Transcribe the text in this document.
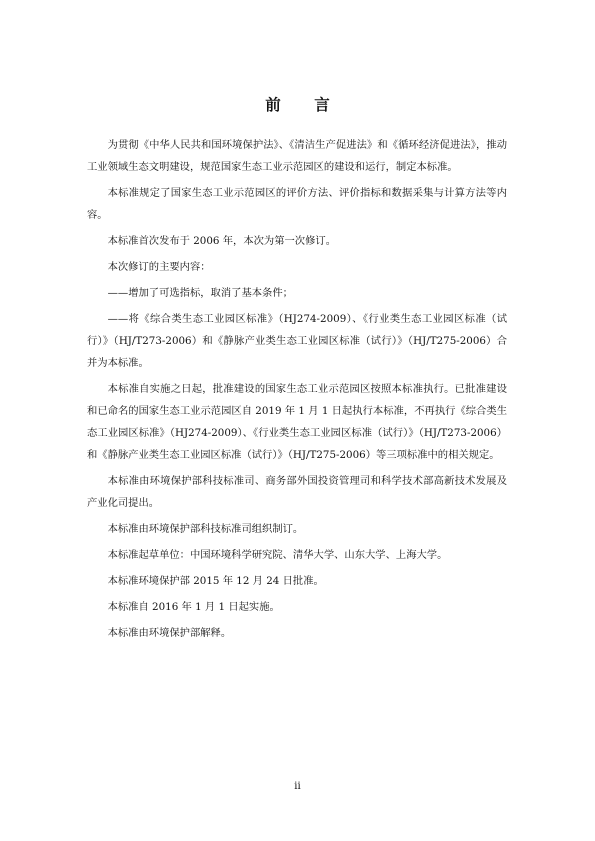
前 言

为贯彻《中华人民共和国环境保护法》、《清洁生产促进法》和《循环经济促进法》，推动工业领域生态文明建设，规范国家生态工业示范园区的建设和运行，制定本标准。

本标准规定了国家生态工业示范园区的评价方法、评价指标和数据采集与计算方法等内容。

本标准首次发布于 2006 年，本次为第一次修订。

本次修订的主要内容：

——增加了可选指标，取消了基本条件；

——将《综合类生态工业园区标准》（HJ274-2009）、《行业类生态工业园区标准（试行）》（HJ/T273-2006）和《静脉产业类生态工业园区标准（试行）》（HJ/T275-2006）合并为本标准。

本标准自实施之日起，批准建设的国家生态工业示范园区按照本标准执行。已批准建设和已命名的国家生态工业示范园区自 2019 年 1 月 1 日起执行本标准，不再执行《综合类生态工业园区标准》（HJ274-2009）、《行业类生态工业园区标准（试行）》（HJ/T273-2006）和《静脉产业类生态工业园区标准（试行）》（HJ/T275-2006）等三项标准中的相关规定。

本标准由环境保护部科技标准司、商务部外国投资管理司和科学技术部高新技术发展及产业化司提出。

本标准由环境保护部科技标准司组织制订。

本标准起草单位：中国环境科学研究院、清华大学、山东大学、上海大学。

本标准环境保护部 2015 年 12 月 24 日批准。

本标准自 2016 年 1 月 1 日起实施。

本标准由环境保护部解释。

ii
